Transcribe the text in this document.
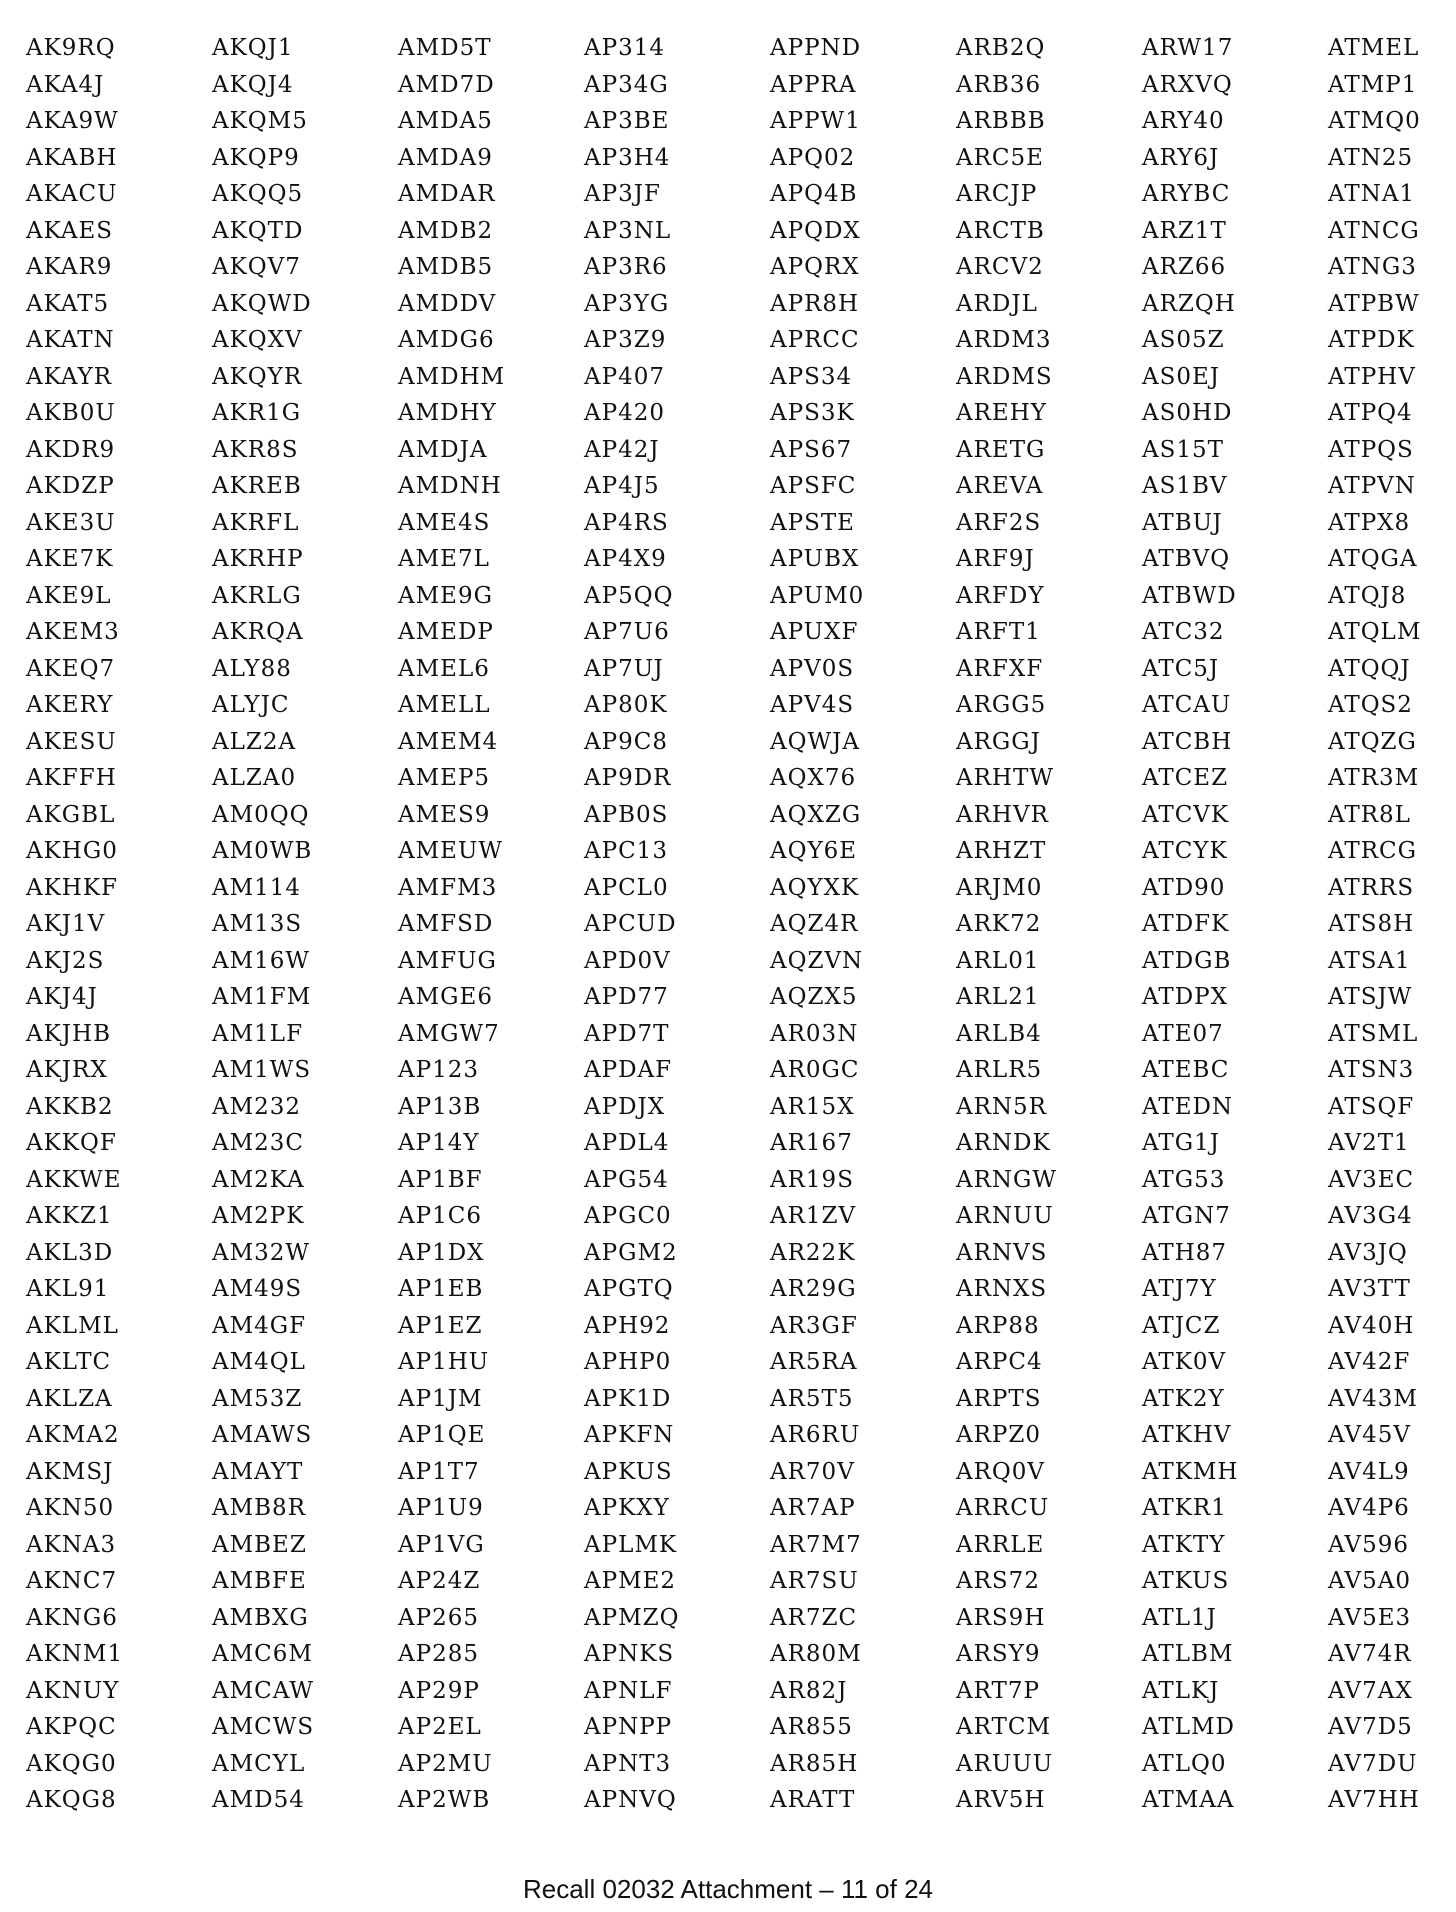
AK9RQ
AKA4J
AKA9W
AKABH
AKACU
AKAES
AKAR9
AKAT5
AKATN
AKAYR
AKB0U
AKDR9
AKDZP
AKE3U
AKE7K
AKE9L
AKEM3
AKEQ7
AKERY
AKESU
AKFFH
AKGBL
AKHG0
AKHKF
AKJ1V
AKJ2S
AKJ4J
AKJHB
AKJRX
AKKB2
AKKQF
AKKWE
AKKZ1
AKL3D
AKL91
AKLML
AKLTC
AKLZA
AKMA2
AKMSJ
AKN50
AKNA3
AKNC7
AKNG6
AKNM1
AKNUY
AKPQC
AKQG0
AKQG8
AKQJ1
AKQJ4
AKQM5
AKQP9
AKQQ5
AKQTD
AKQV7
AKQWD
AKQXV
AKQYR
AKR1G
AKR8S
AKREB
AKRFL
AKRHP
AKRLG
AKRQA
ALY88
ALYJC
ALZ2A
ALZA0
AM0QQ
AM0WB
AM114
AM13S
AM16W
AM1FM
AM1LF
AM1WS
AM232
AM23C
AM2KA
AM2PK
AM32W
AM49S
AM4GF
AM4QL
AM53Z
AMAWS
AMAYT
AMB8R
AMBEZ
AMBFE
AMBXG
AMC6M
AMCAW
AMCWS
AMCYL
AMD54
AMD5T
AMD7D
AMDA5
AMDA9
AMDAR
AMDB2
AMDB5
AMDDV
AMDG6
AMDHM
AMDHY
AMDJA
AMDNH
AME4S
AME7L
AME9G
AMEDP
AMEL6
AMELL
AMEM4
AMEP5
AMES9
AMEUW
AMFM3
AMFSD
AMFUG
AMGE6
AMGW7
AP123
AP13B
AP14Y
AP1BF
AP1C6
AP1DX
AP1EB
AP1EZ
AP1HU
AP1JM
AP1QE
AP1T7
AP1U9
AP1VG
AP24Z
AP265
AP285
AP29P
AP2EL
AP2MU
AP2WB
AP314
AP34G
AP3BE
AP3H4
AP3JF
AP3NL
AP3R6
AP3YG
AP3Z9
AP407
AP420
AP42J
AP4J5
AP4RS
AP4X9
AP5QQ
AP7U6
AP7UJ
AP80K
AP9C8
AP9DR
APB0S
APC13
APCL0
APCUD
APD0V
APD77
APD7T
APDAF
APDJX
APDL4
APG54
APGC0
APGM2
APGTQ
APH92
APHP0
APK1D
APKFN
APKUS
APKXY
APLMK
APME2
APMZQ
APNKS
APNLF
APNPP
APNT3
APNVQ
APPND
APPRA
APPW1
APQ02
APQ4B
APQDX
APQRX
APR8H
APRCC
APS34
APS3K
APS67
APSFC
APSTE
APUBX
APUM0
APUXF
APV0S
APV4S
AQWJA
AQX76
AQXZG
AQY6E
AQYXK
AQZ4R
AQZVN
AQZX5
AR03N
AR0GC
AR15X
AR167
AR19S
AR1ZV
AR22K
AR29G
AR3GF
AR5RA
AR5T5
AR6RU
AR70V
AR7AP
AR7M7
AR7SU
AR7ZC
AR80M
AR82J
AR855
AR85H
ARATT
ARB2Q
ARB36
ARBBB
ARC5E
ARCJP
ARCTB
ARCV2
ARDJL
ARDM3
ARDMS
AREHY
ARETG
AREVA
ARF2S
ARF9J
ARFDY
ARFT1
ARFXF
ARGG5
ARGGJ
ARHTW
ARHVR
ARHZT
ARJM0
ARK72
ARL01
ARL21
ARLB4
ARLR5
ARN5R
ARNDK
ARNGW
ARNUU
ARNVS
ARNXS
ARP88
ARPC4
ARPTS
ARPZ0
ARQ0V
ARRCU
ARRLE
ARS72
ARS9H
ARSY9
ART7P
ARTCM
ARUUU
ARV5H
ARW17
ARXVQ
ARY40
ARY6J
ARYBC
ARZ1T
ARZ66
ARZQH
AS05Z
AS0EJ
AS0HD
AS15T
AS1BV
ATBUJ
ATBVQ
ATBWD
ATC32
ATC5J
ATCAU
ATCBH
ATCEZ
ATCVK
ATCYK
ATD90
ATDFK
ATDGB
ATDPX
ATE07
ATEBC
ATEDN
ATG1J
ATG53
ATGN7
ATH87
ATJ7Y
ATJCZ
ATK0V
ATK2Y
ATKHV
ATKMH
ATKR1
ATKTY
ATKUS
ATL1J
ATLBM
ATLKJ
ATLMD
ATLQ0
ATMAA
ATMEL
ATMP1
ATMQ0
ATN25
ATNA1
ATNCG
ATNG3
ATPBW
ATPDK
ATPHV
ATPQ4
ATPQS
ATPVN
ATPX8
ATQGA
ATQJ8
ATQLM
ATQQJ
ATQS2
ATQZG
ATR3M
ATR8L
ATRCG
ATRRS
ATS8H
ATSA1
ATSJW
ATSML
ATSN3
ATSQF
AV2T1
AV3EC
AV3G4
AV3JQ
AV3TT
AV40H
AV42F
AV43M
AV45V
AV4L9
AV4P6
AV596
AV5A0
AV5E3
AV74R
AV7AX
AV7D5
AV7DU
AV7HH
Recall 02032 Attachment – 11 of 24
